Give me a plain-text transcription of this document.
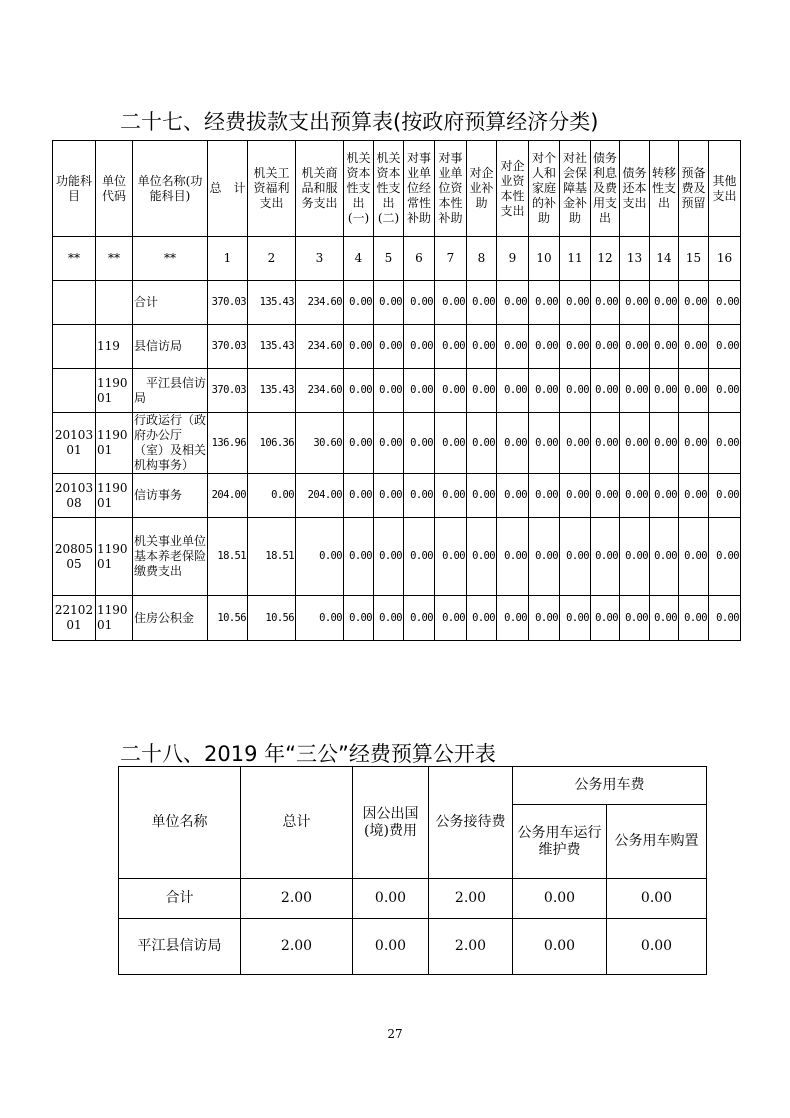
二十七、经费拔款支出预算表(按政府预算经济分类)
功能科目	单位代码	单位名称(功能科目)	总　计	机关工资福利支出	机关商品和服务支出	机关资本性支出(一)	机关资本性支出(二)	对事业单位经常性补助	对事业单位资本性补助	对企业补助	对企业资本性支出	对个人和家庭的补助	对社会保障基金补助	债务利息及费用支出	债务还本支出	转移性支出	预备费及预留	其他支出
**	**	**	1	2	3	4	5	6	7	8	9	10	11	12	13	14	15	16
		合计	370.03	135.43	234.60	0.00	0.00	0.00	0.00	0.00	0.00	0.00	0.00	0.00	0.00	0.00	0.00	0.00
	119	县信访局	370.03	135.43	234.60	0.00	0.00	0.00	0.00	0.00	0.00	0.00	0.00	0.00	0.00	0.00	0.00	0.00
	119001	　平江县信访局	370.03	135.43	234.60	0.00	0.00	0.00	0.00	0.00	0.00	0.00	0.00	0.00	0.00	0.00	0.00	0.00
2010301	119001	行政运行（政府办公厅（室）及相关机构事务）	136.96	106.36	30.60	0.00	0.00	0.00	0.00	0.00	0.00	0.00	0.00	0.00	0.00	0.00	0.00	0.00
2010308	119001	信访事务	204.00	0.00	204.00	0.00	0.00	0.00	0.00	0.00	0.00	0.00	0.00	0.00	0.00	0.00	0.00	0.00
2080505	119001	机关事业单位基本养老保险缴费支出	18.51	18.51	0.00	0.00	0.00	0.00	0.00	0.00	0.00	0.00	0.00	0.00	0.00	0.00	0.00	0.00
2210201	119001	住房公积金	10.56	10.56	0.00	0.00	0.00	0.00	0.00	0.00	0.00	0.00	0.00	0.00	0.00	0.00	0.00	0.00
二十八、2019 年“三公”经费预算公开表
单位名称	总计	因公出国(境)费用	公务接待费	公务用车费	
				公务用车运行维护费	公务用车购置
合计	2.00	0.00	2.00	0.00	0.00
平江县信访局	2.00	0.00	2.00	0.00	0.00
27
